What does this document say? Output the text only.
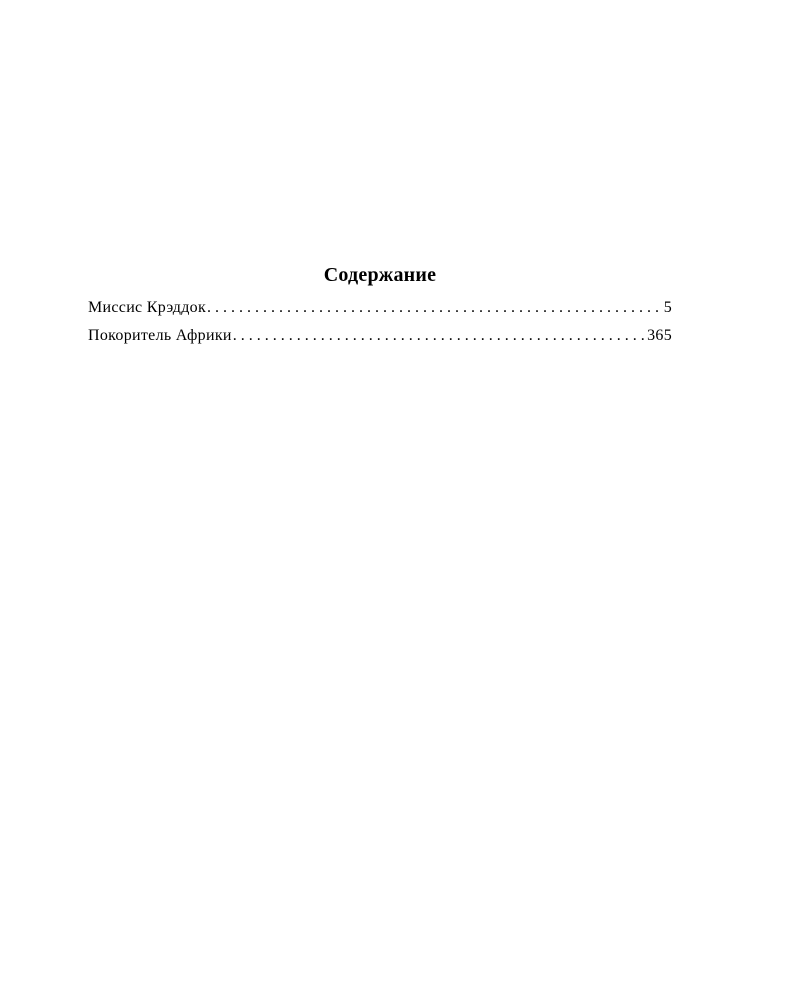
Содержание
Миссис Крэддок . . .	5
Покоритель Африки . . .	365
